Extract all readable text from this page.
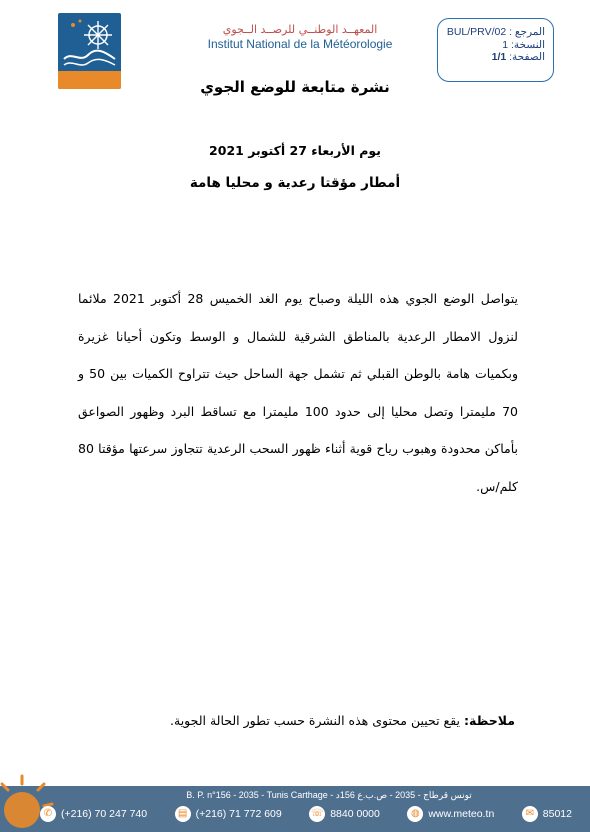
المعهــد الوطنــي للرصــد الــجوي
Institut National de la Météorologie
المرجع : BUL/PRV/02
النسخة: 1
الصفحة: 1/1
نشرة متابعة للوضع الجوي
يوم الأربعاء 27 أكتوبر 2021
أمطار مؤقتا رعدية و محليا هامة
يتواصل الوضع الجوي هذه الليلة وصباح يوم الغد الخميس 28 أكتوبر 2021 ملائما لنزول الامطار الرعدية بالمناطق الشرقية للشمال و الوسط وتكون أحيانا غزيرة وبكميات هامة بالوطن القبلي ثم تشمل جهة الساحل حيث تتراوح الكميات بين 50 و 70 مليمترا وتصل محليا إلى حدود 100 مليمترا مع تساقط البرد وظهور الصواعق بأماكن محدودة وهبوب رياح قوية أثناء ظهور السحب الرعدية تتجاوز سرعتها مؤقتا 80 كلم/س.
ملاحظة: يقع تحيين محتوى هذه النشرة حسب تطور الحالة الجوية.
B. P. n°156 - 2035 - Tunis Carthage - تونس قرطاج - 2035 - ص.ب.ع 156د
✆ (+216) 70 247 740	▤ (+216) 71 772 609	☏ 8840 0000	◍ www.meteo.tn	✉ 85012
